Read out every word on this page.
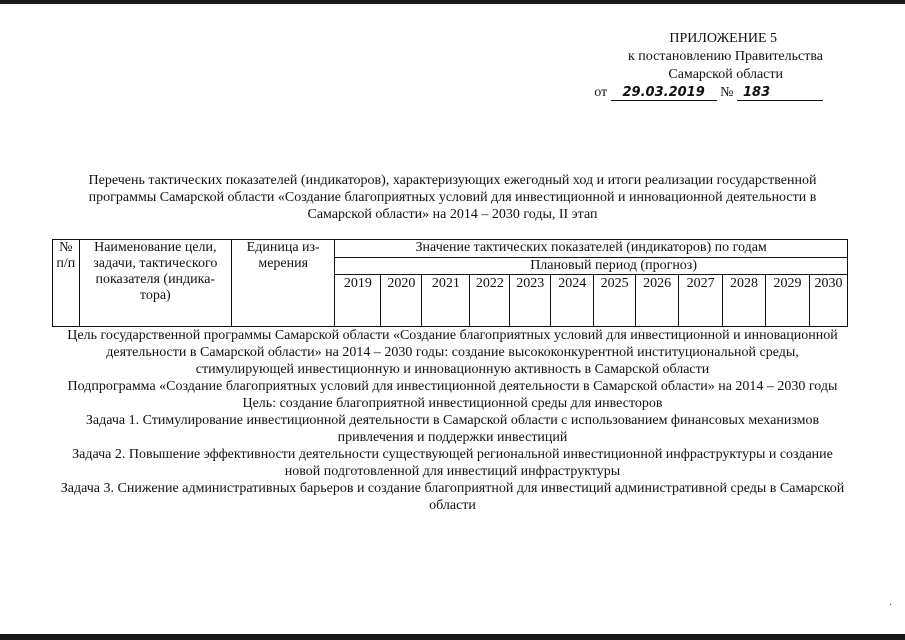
ПРИЛОЖЕНИЕ 5
к постановлению Правительства
Самарской области
от 29.03.2019 № 183
Перечень тактических показателей (индикаторов), характеризующих ежегодный ход и итоги реализации государственной программы Самарской области «Создание благоприятных условий для инвестиционной и инновационной деятельности в Самарской области» на 2014 – 2030 годы, II этап
№ п/п	Наименование цели, задачи, тактического показателя (индика- тора)	Единица из- мерения	Значение тактических показателей (индикаторов) по годам											
			Плановый период (прогноз)											
			2019	2020	2021	2022	2023	2024	2025	2026	2027	2028	2029	2030

Цель государственной программы Самарской области «Создание благоприятных условий для инвестиционной и инновационной деятельности в Самарской области» на 2014 – 2030 годы: создание высококонкурентной институциональной среды, стимулирующей инвестиционную и инновационную активность в Самарской области

Подпрограмма «Создание благоприятных условий для инвестиционной деятельности в Самарской области» на 2014 – 2030 годы

Цель: создание благоприятной инвестиционной среды для инвесторов

Задача 1. Стимулирование инвестиционной деятельности в Самарской области с использованием финансовых механизмов привлечения и поддержки инвестиций

Задача 2. Повышение эффективности деятельности существующей региональной инвестиционной инфраструктуры и создание новой подготовленной для инвестиций инфраструктуры

Задача 3. Снижение административных барьеров и создание благоприятной для инвестиций административной среды в Самарской области

·
